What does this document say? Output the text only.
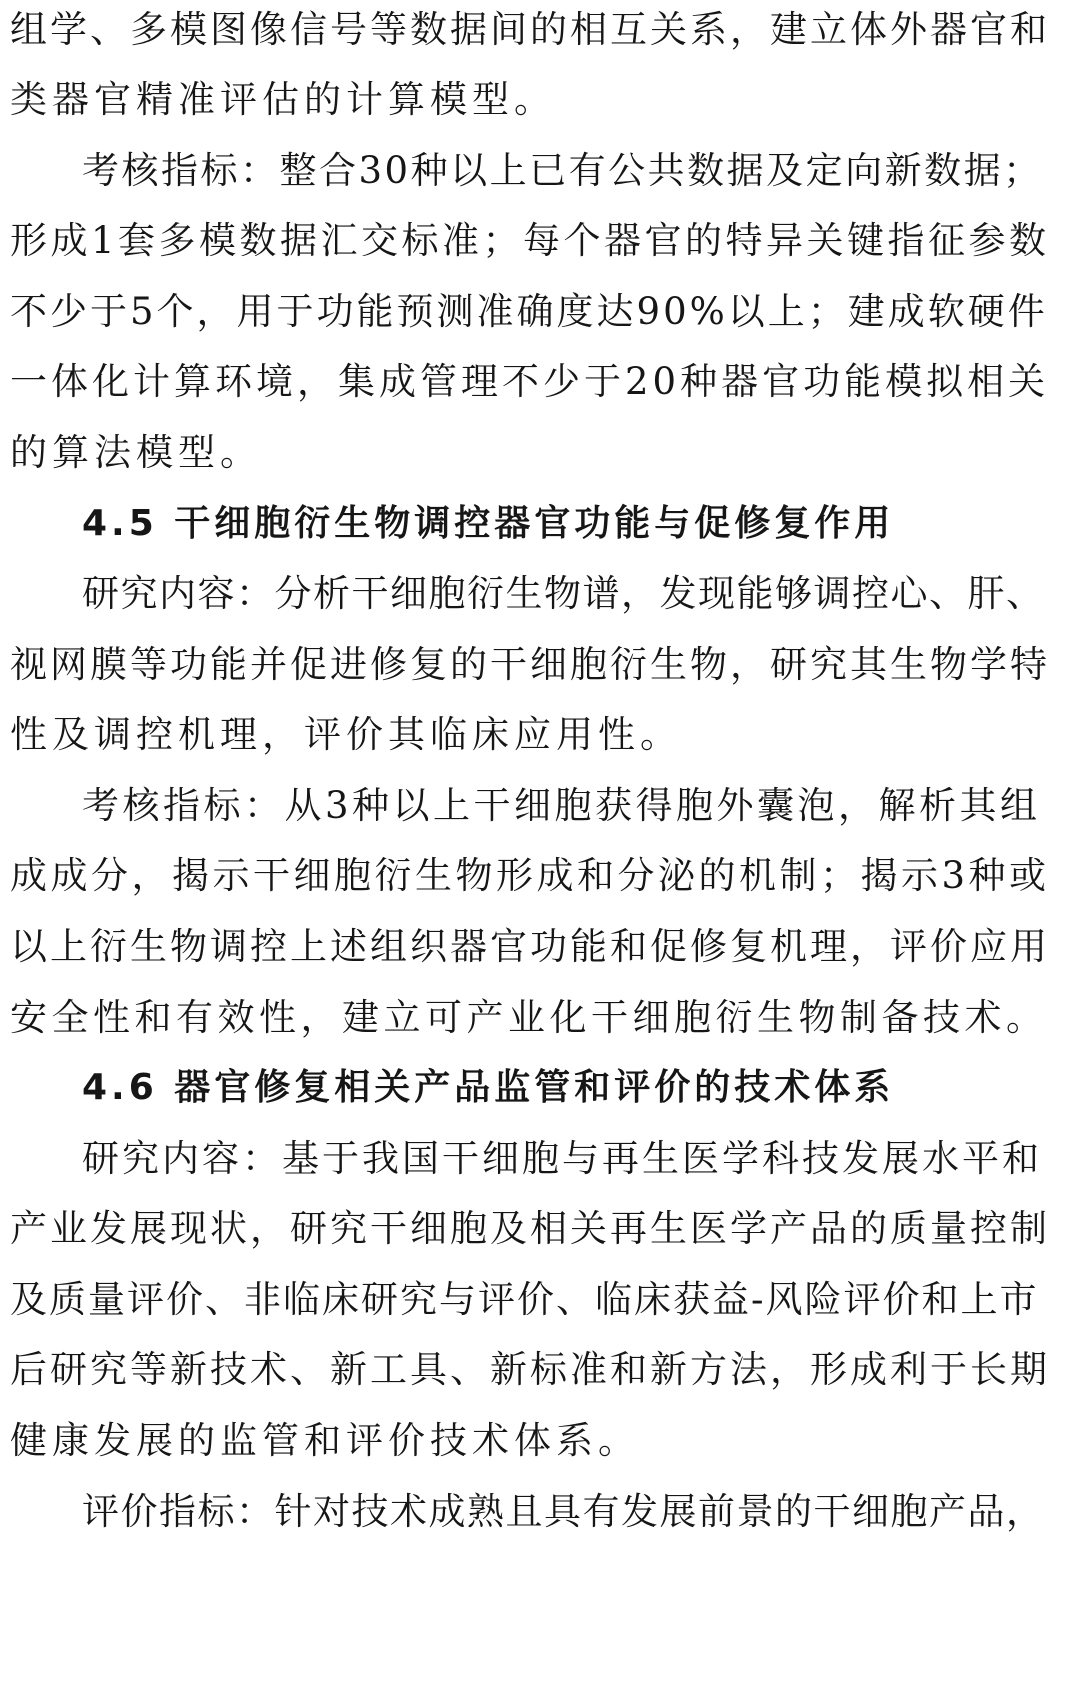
组学、多模图像信号等数据间的相互关系，建立体外器官和
类器官精准评估的计算模型。
考核指标：整合30种以上已有公共数据及定向新数据；
形成1套多模数据汇交标准；每个器官的特异关键指征参数
不少于5个，用于功能预测准确度达90%以上；建成软硬件
一体化计算环境，集成管理不少于20种器官功能模拟相关
的算法模型。
4.5 干细胞衍生物调控器官功能与促修复作用
研究内容：分析干细胞衍生物谱，发现能够调控心、肝、
视网膜等功能并促进修复的干细胞衍生物，研究其生物学特
性及调控机理，评价其临床应用性。
考核指标：从3种以上干细胞获得胞外囊泡，解析其组
成成分，揭示干细胞衍生物形成和分泌的机制；揭示3种或
以上衍生物调控上述组织器官功能和促修复机理，评价应用
安全性和有效性，建立可产业化干细胞衍生物制备技术。
4.6 器官修复相关产品监管和评价的技术体系
研究内容：基于我国干细胞与再生医学科技发展水平和
产业发展现状，研究干细胞及相关再生医学产品的质量控制
及质量评价、非临床研究与评价、临床获益-风险评价和上市
后研究等新技术、新工具、新标准和新方法，形成利于长期
健康发展的监管和评价技术体系。
评价指标：针对技术成熟且具有发展前景的干细胞产品，
